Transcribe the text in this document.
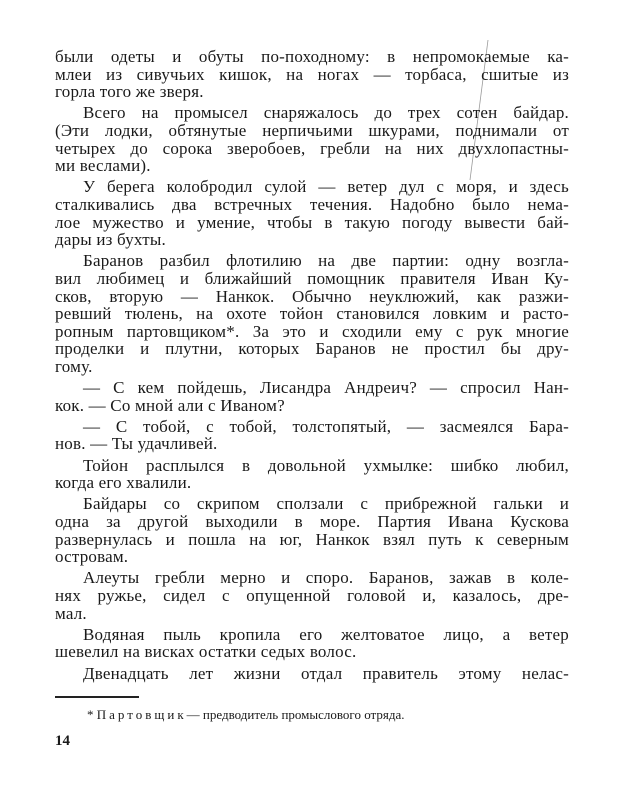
были одеты и обуты по-походному: в непромокаемые ка-
млеи из сивучьих кишок, на ногах — торбаса, сшитые из
горла того же зверя.
Всего на промысел снаряжалось до трех сотен байдар.
(Эти лодки, обтянутые нерпичьими шкурами, поднимали от
четырех до сорока зверобоев, гребли на них двухлопастны-
ми веслами).
У берега колобродил сулой — ветер дул с моря, и здесь
сталкивались два встречных течения. Надобно было нема-
лое мужество и умение, чтобы в такую погоду вывести бай-
дары из бухты.
Баранов разбил флотилию на две партии: одну возгла-
вил любимец и ближайший помощник правителя Иван Ку-
сков, вторую — Нанкок. Обычно неуклюжий, как разжи-
ревший тюлень, на охоте тойон становился ловким и расто-
ропным партовщиком*. За это и сходили ему с рук многие
проделки и плутни, которых Баранов не простил бы дру-
гому.
— С кем пойдешь, Лисандра Андреич? — спросил Нан-
кок. — Со мной али с Иваном?
— С тобой, с тобой, толстопятый, — засмеялся Бара-
нов. — Ты удачливей.
Тойон расплылся в довольной ухмылке: шибко любил,
когда его хвалили.
Байдары со скрипом сползали с прибрежной гальки и
одна за другой выходили в море. Партия Ивана Кускова
развернулась и пошла на юг, Нанкок взял путь к северным
островам.
Алеуты гребли мерно и споро. Баранов, зажав в коле-
нях ружье, сидел с опущенной головой и, казалось, дре-
мал.
Водяная пыль кропила его желтоватое лицо, а ветер
шевелил на висках остатки седых волос.
Двенадцать лет жизни отдал правитель этому нелас-
* Партовщик— предводитель промыслового отряда.
14
